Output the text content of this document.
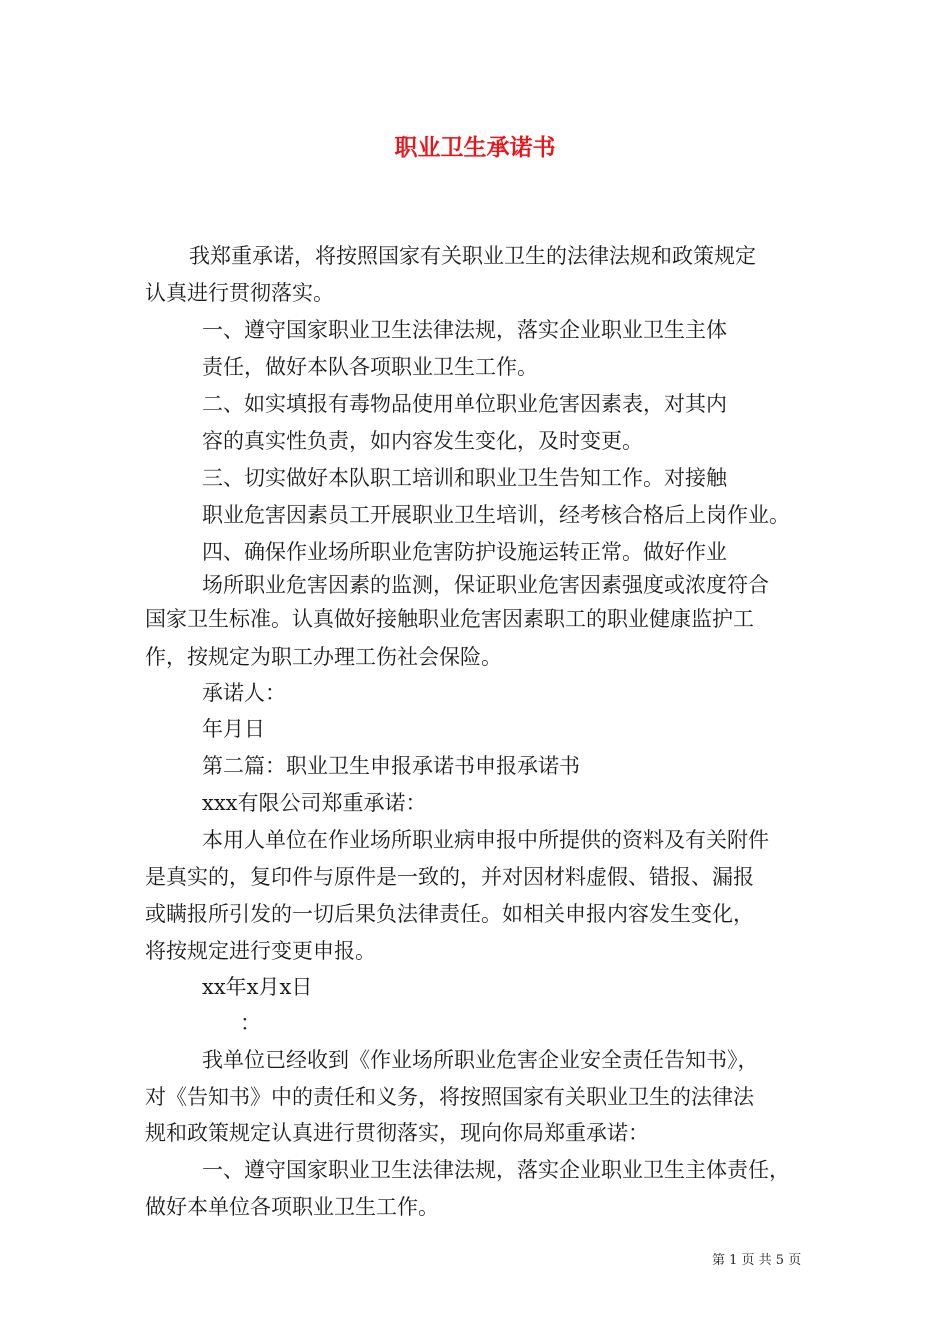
职业卫生承诺书
我郑重承诺，将按照国家有关职业卫生的法律法规和政策规定
认真进行贯彻落实。
一、遵守国家职业卫生法律法规，落实企业职业卫生主体
责任，做好本队各项职业卫生工作。
二、如实填报有毒物品使用单位职业危害因素表，对其内
容的真实性负责，如内容发生变化，及时变更。
三、切实做好本队职工培训和职业卫生告知工作。对接触
职业危害因素员工开展职业卫生培训，经考核合格后上岗作业。
四、确保作业场所职业危害防护设施运转正常。做好作业
场所职业危害因素的监测，保证职业危害因素强度或浓度符合
国家卫生标准。认真做好接触职业危害因素职工的职业健康监护工
作，按规定为职工办理工伤社会保险。
承诺人：
年月日
第二篇：职业卫生申报承诺书申报承诺书
xxx有限公司郑重承诺：
本用人单位在作业场所职业病申报中所提供的资料及有关附件
是真实的，复印件与原件是一致的，并对因材料虚假、错报、漏报
或瞒报所引发的一切后果负法律责任。如相关申报内容发生变化，
将按规定进行变更申报。
xx年x月x日
：
我单位已经收到《作业场所职业危害企业安全责任告知书》，
对《告知书》中的责任和义务，将按照国家有关职业卫生的法律法
规和政策规定认真进行贯彻落实，现向你局郑重承诺：
一、遵守国家职业卫生法律法规，落实企业职业卫生主体责任，
做好本单位各项职业卫生工作。
第 1 页 共 5 页
